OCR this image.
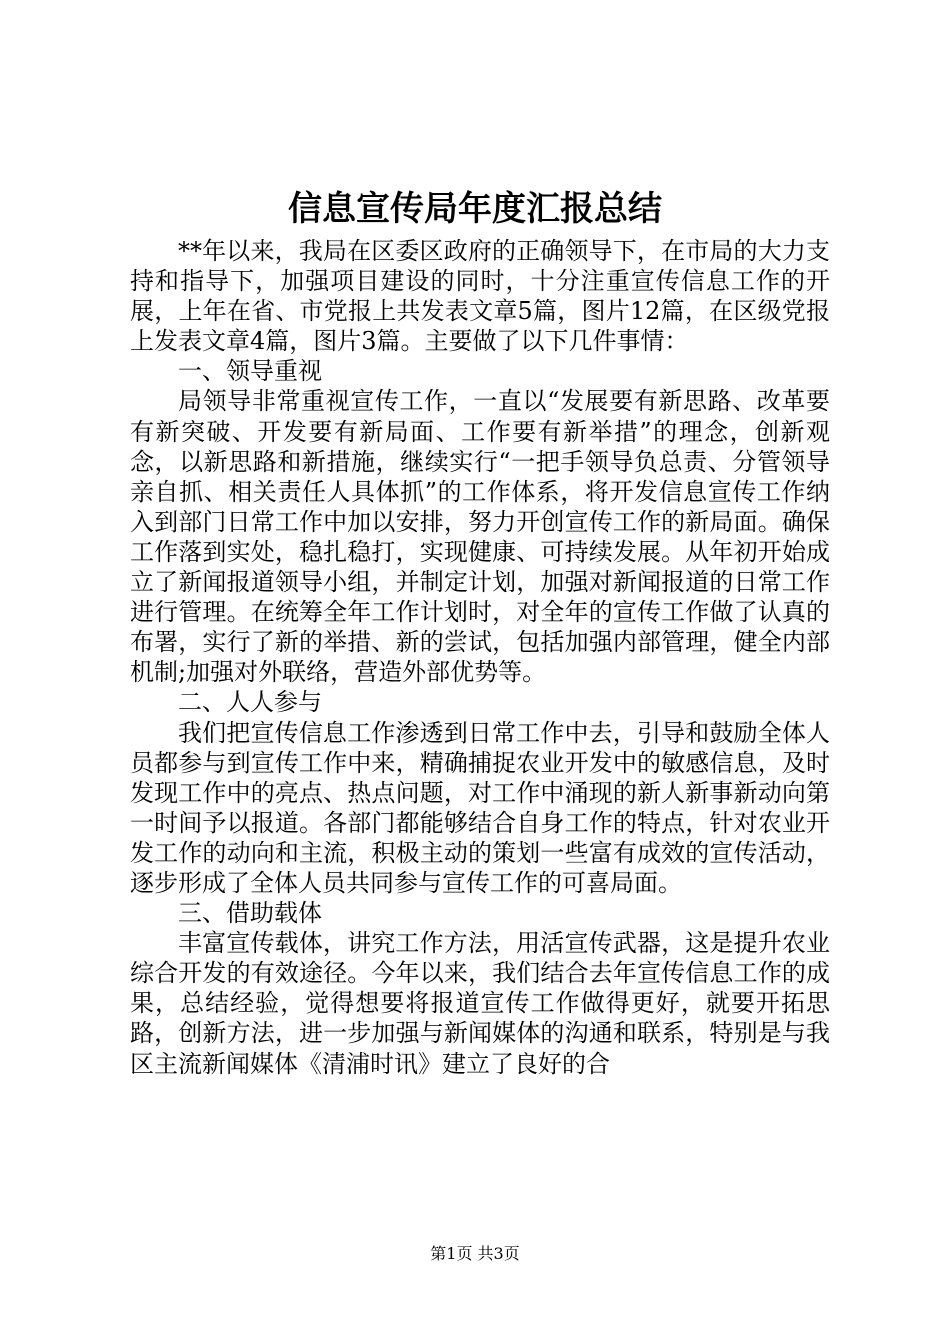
信息宣传局年度汇报总结

**年以来，我局在区委区政府的正确领导下，在市局的大力支持和指导下，加强项目建设的同时，十分注重宣传信息工作的开展，上年在省、市党报上共发表文章5篇，图片12篇，在区级党报上发表文章4篇，图片3篇。主要做了以下几件事情：

一、领导重视

局领导非常重视宣传工作，一直以“发展要有新思路、改革要有新突破、开发要有新局面、工作要有新举措”的理念，创新观念，以新思路和新措施，继续实行“一把手领导负总责、分管领导亲自抓、相关责任人具体抓”的工作体系，将开发信息宣传工作纳入到部门日常工作中加以安排，努力开创宣传工作的新局面。确保工作落到实处，稳扎稳打，实现健康、可持续发展。从年初开始成立了新闻报道领导小组，并制定计划，加强对新闻报道的日常工作进行管理。在统筹全年工作计划时，对全年的宣传工作做了认真的布署，实行了新的举措、新的尝试，包括加强内部管理，健全内部机制;加强对外联络，营造外部优势等。

二、人人参与

我们把宣传信息工作渗透到日常工作中去，引导和鼓励全体人员都参与到宣传工作中来，精确捕捉农业开发中的敏感信息，及时发现工作中的亮点、热点问题，对工作中涌现的新人新事新动向第一时间予以报道。各部门都能够结合自身工作的特点，针对农业开发工作的动向和主流，积极主动的策划一些富有成效的宣传活动，逐步形成了全体人员共同参与宣传工作的可喜局面。

三、借助载体

丰富宣传载体，讲究工作方法，用活宣传武器，这是提升农业综合开发的有效途径。今年以来，我们结合去年宣传信息工作的成果，总结经验，觉得想要将报道宣传工作做得更好，就要开拓思路，创新方法，进一步加强与新闻媒体的沟通和联系，特别是与我区主流新闻媒体《清浦时讯》建立了良好的合

第1页 共3页
